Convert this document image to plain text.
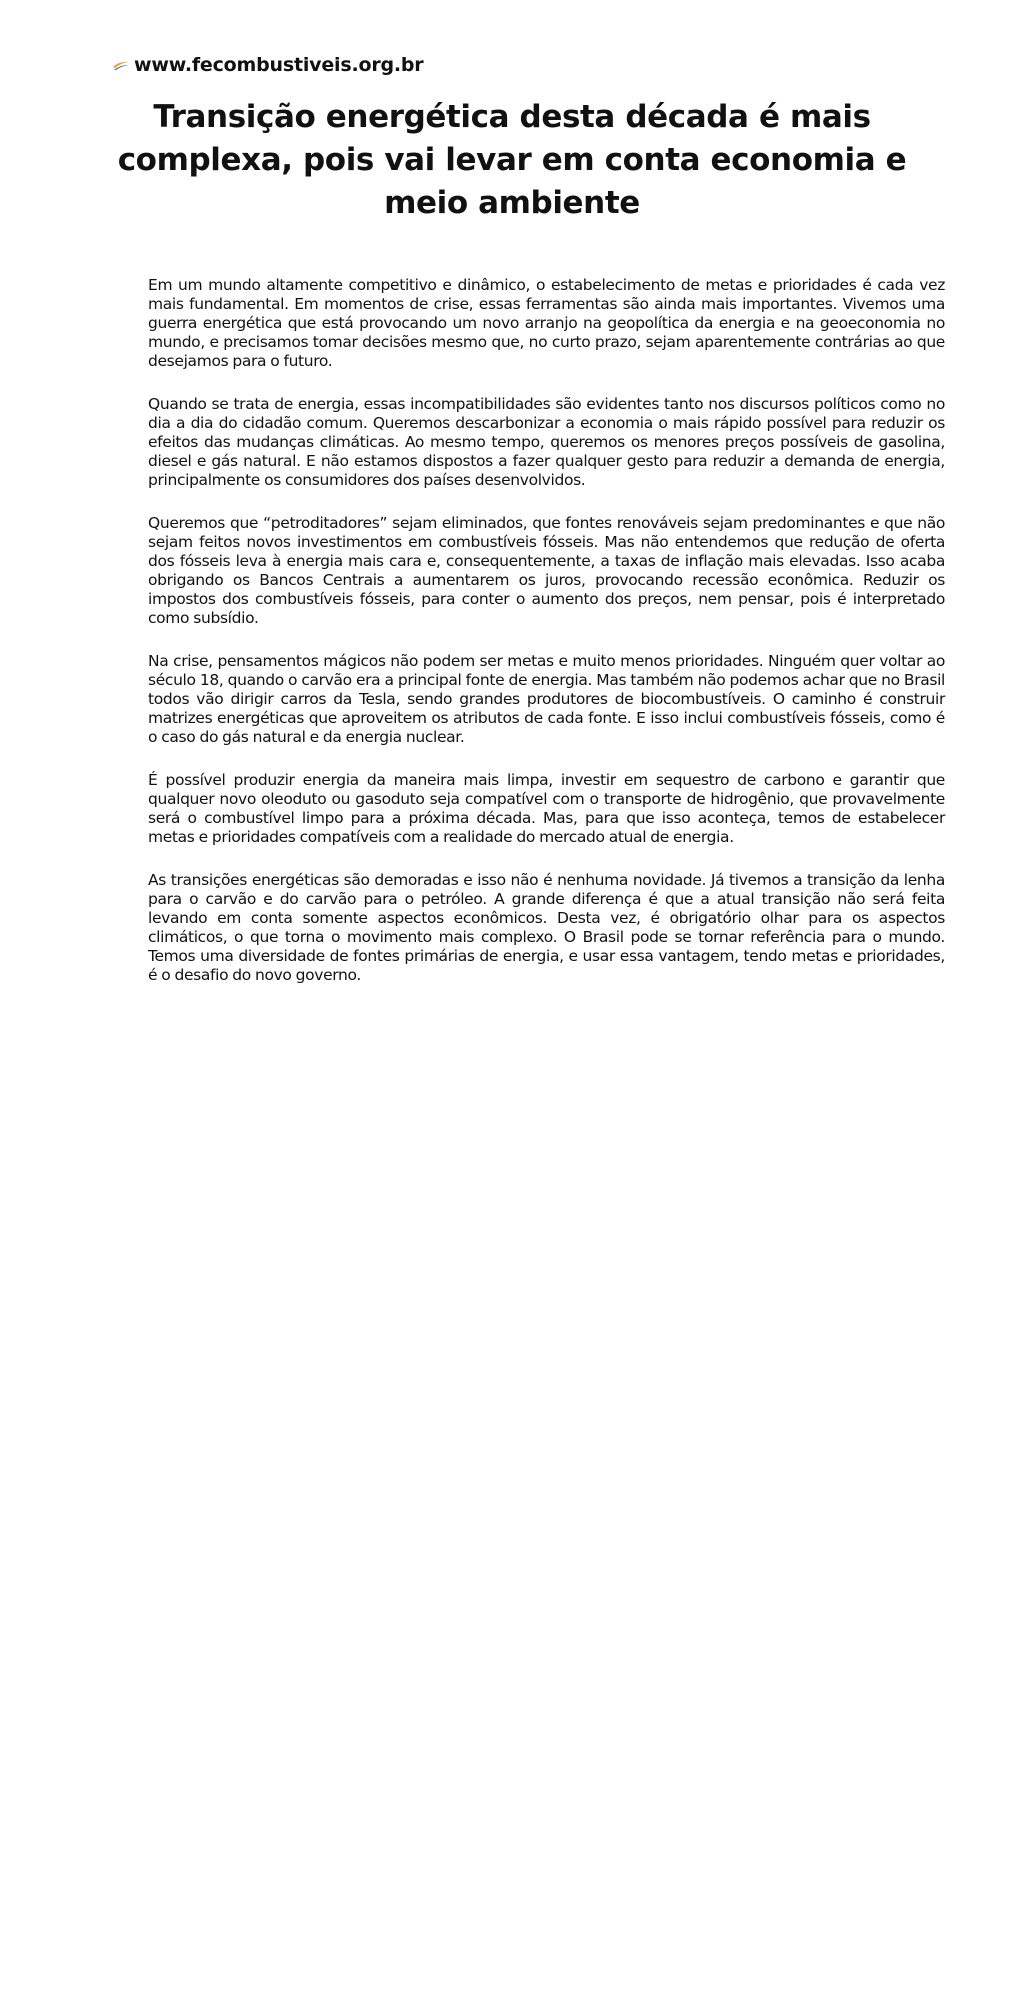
www.fecombustiveis.org.br
Transição energética desta década é mais complexa, pois vai levar em conta economia e meio ambiente

Em um mundo altamente competitivo e dinâmico, o estabelecimento de metas e prioridades é cada vez mais fundamental. Em momentos de crise, essas ferramentas são ainda mais importantes. Vivemos uma guerra energética que está provocando um novo arranjo na geopolítica da energia e na geoeconomia no mundo, e precisamos tomar decisões mesmo que, no curto prazo, sejam aparentemente contrárias ao que desejamos para o futuro.

Quando se trata de energia, essas incompatibilidades são evidentes tanto nos discursos políticos como no dia a dia do cidadão comum. Queremos descarbonizar a economia o mais rápido possível para reduzir os efeitos das mudanças climáticas. Ao mesmo tempo, queremos os menores preços possíveis de gasolina, diesel e gás natural. E não estamos dispostos a fazer qualquer gesto para reduzir a demanda de energia, principalmente os consumidores dos países desenvolvidos.

Queremos que “petroditadores” sejam eliminados, que fontes renováveis sejam predominantes e que não sejam feitos novos investimentos em combustíveis fósseis. Mas não entendemos que redução de oferta dos fósseis leva à energia mais cara e, consequentemente, a taxas de inflação mais elevadas. Isso acaba obrigando os Bancos Centrais a aumentarem os juros, provocando recessão econômica. Reduzir os impostos dos combustíveis fósseis, para conter o aumento dos preços, nem pensar, pois é interpretado como subsídio.

Na crise, pensamentos mágicos não podem ser metas e muito menos prioridades. Ninguém quer voltar ao século 18, quando o carvão era a principal fonte de energia. Mas também não podemos achar que no Brasil todos vão dirigir carros da Tesla, sendo grandes produtores de biocombustíveis. O caminho é construir matrizes energéticas que aproveitem os atributos de cada fonte. E isso inclui combustíveis fósseis, como é o caso do gás natural e da energia nuclear.

É possível produzir energia da maneira mais limpa, investir em sequestro de carbono e garantir que qualquer novo oleoduto ou gasoduto seja compatível com o transporte de hidrogênio, que provavelmente será o combustível limpo para a próxima década. Mas, para que isso aconteça, temos de estabelecer metas e prioridades compatíveis com a realidade do mercado atual de energia.

As transições energéticas são demoradas e isso não é nenhuma novidade. Já tivemos a transição da lenha para o carvão e do carvão para o petróleo. A grande diferença é que a atual transição não será feita levando em conta somente aspectos econômicos. Desta vez, é obrigatório olhar para os aspectos climáticos, o que torna o movimento mais complexo. O Brasil pode se tornar referência para o mundo. Temos uma diversidade de fontes primárias de energia, e usar essa vantagem, tendo metas e prioridades, é o desafio do novo governo.
